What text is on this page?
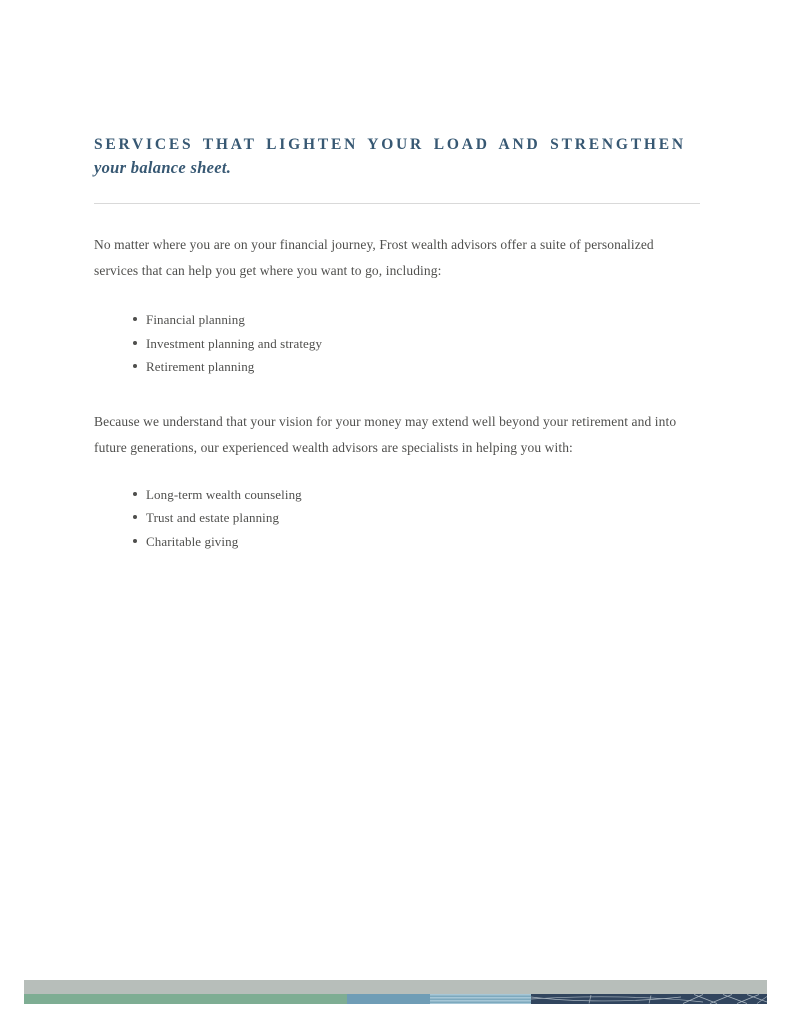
SERVICES THAT LIGHTEN YOUR LOAD AND STRENGTHEN
your balance sheet.

No matter where you are on your financial journey, Frost wealth advisors offer a suite of personalized services that can help you get where you want to go, including:

Financial planning
Investment planning and strategy
Retirement planning

Because we understand that your vision for your money may extend well beyond your retirement and into future generations, our experienced wealth advisors are specialists in helping you with:

Long-term wealth counseling
Trust and estate planning
Charitable giving
